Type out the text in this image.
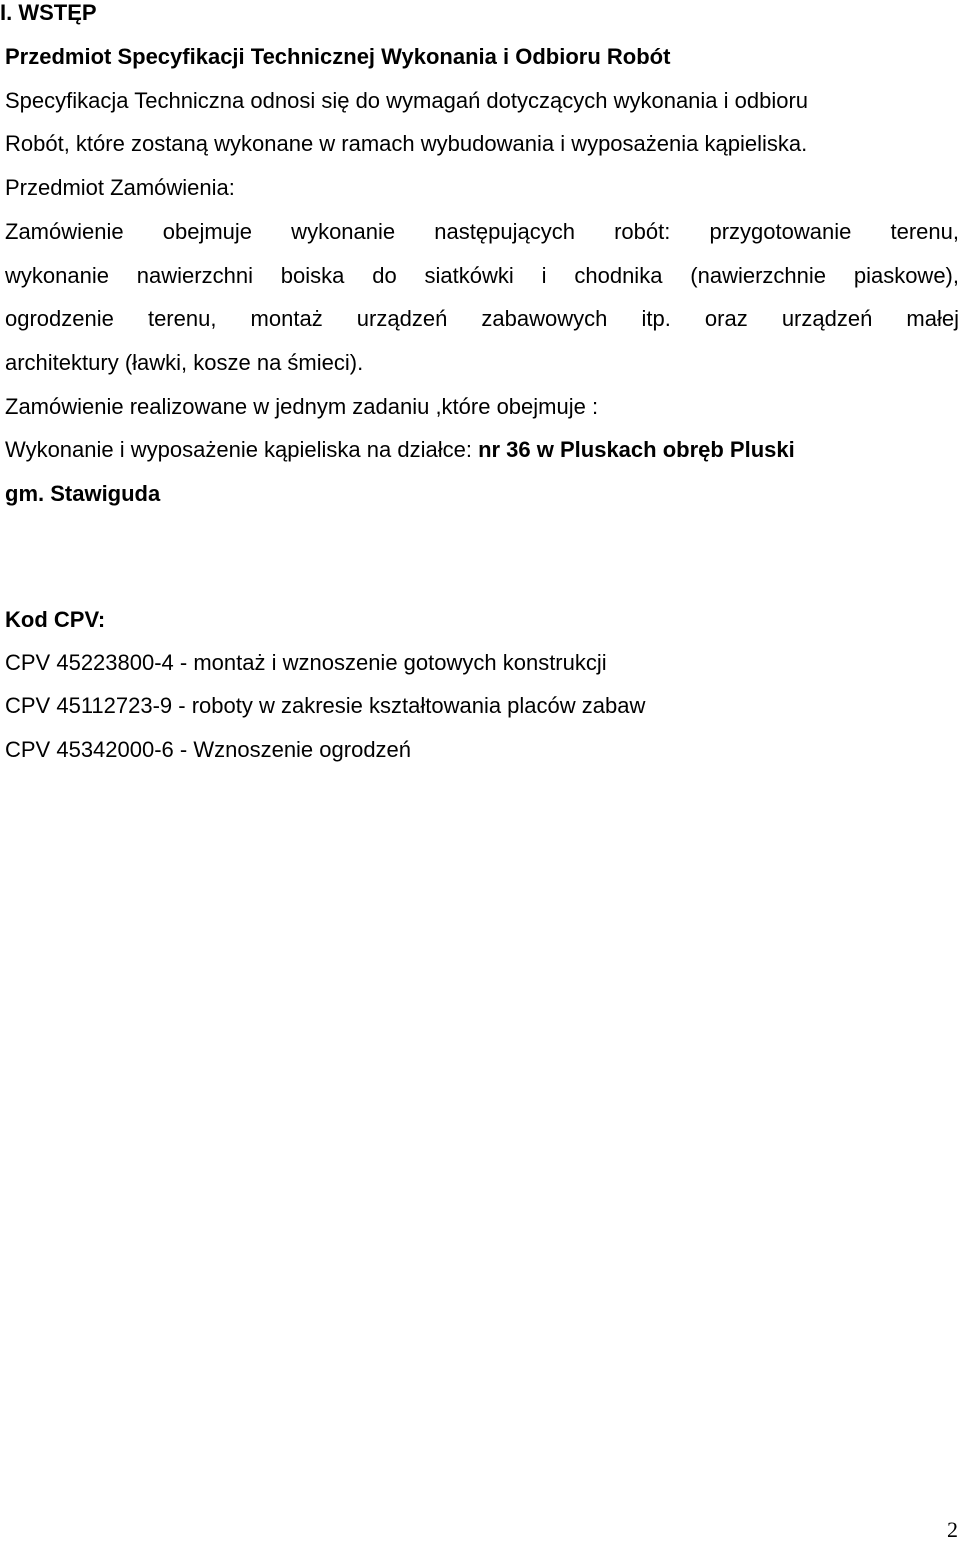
I. WSTĘP
Przedmiot Specyfikacji Technicznej Wykonania i Odbioru Robót
Specyfikacja Techniczna odnosi się do wymagań dotyczących wykonania i odbioru
Robót, które zostaną wykonane w ramach wybudowania i wyposażenia kąpieliska.
Przedmiot Zamówienia:
Zamówienie obejmuje wykonanie następujących robót: przygotowanie terenu,
wykonanie nawierzchni boiska do siatkówki i chodnika (nawierzchnie piaskowe),
ogrodzenie terenu, montaż urządzeń zabawowych itp. oraz urządzeń małej
architektury (ławki, kosze na śmieci).
Zamówienie realizowane w jednym zadaniu ,które obejmuje :
Wykonanie i wyposażenie kąpieliska na działce: nr 36 w Pluskach obręb Pluski
gm. Stawiguda
Kod CPV:
CPV 45223800-4 - montaż i wznoszenie gotowych konstrukcji
CPV 45112723-9 - roboty w zakresie kształtowania placów zabaw
CPV 45342000-6 - Wznoszenie ogrodzeń
2
